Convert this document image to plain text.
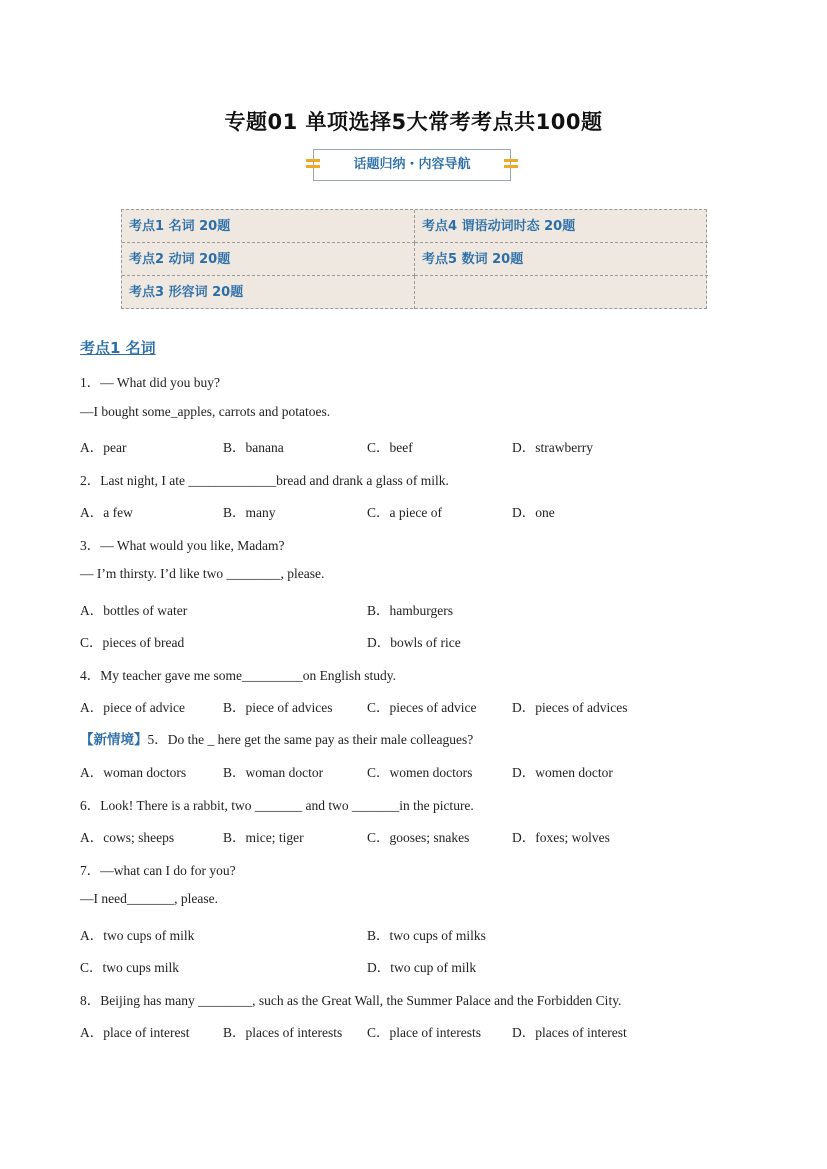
专题01 单项选择5大常考考点共100题
话题归纳・内容导航
考点1 名词 20题	考点4 谓语动词时态 20题
考点2 动词 20题	考点5 数词 20题
考点3 形容词 20题
考点1 名词
1．— What did you buy?
—I bought some_apples, carrots and potatoes.
A．pear	B．banana	C．beef	D．strawberry
2．Last night, I ate _____________bread and drank a glass of milk.
A．a few	B．many	C．a piece of	D．one
3．— What would you like, Madam?
— I’m thirsty. I’d like two ________, please.
A．bottles of water	B．hamburgers
C．pieces of bread	D．bowls of rice
4．My teacher gave me some_________on English study.
A．piece of advice	B．piece of advices	C．pieces of advice	D．pieces of advices
【新情境】5．Do the _ here get the same pay as their male colleagues?
A．woman doctors	B．woman doctor	C．women doctors	D．women doctor
6．Look! There is a rabbit, two _______ and two _______in the picture.
A．cows; sheeps	B．mice; tiger	C．gooses; snakes	D．foxes; wolves
7．—what can I do for you?
—I need_______, please.
A．two cups of milk	B．two cups of milks
C．two cups milk	D．two cup of milk
8．Beijing has many ________, such as the Great Wall, the Summer Palace and the Forbidden City.
A．place of interest B．places of interests C．place of interests D．places of interest
